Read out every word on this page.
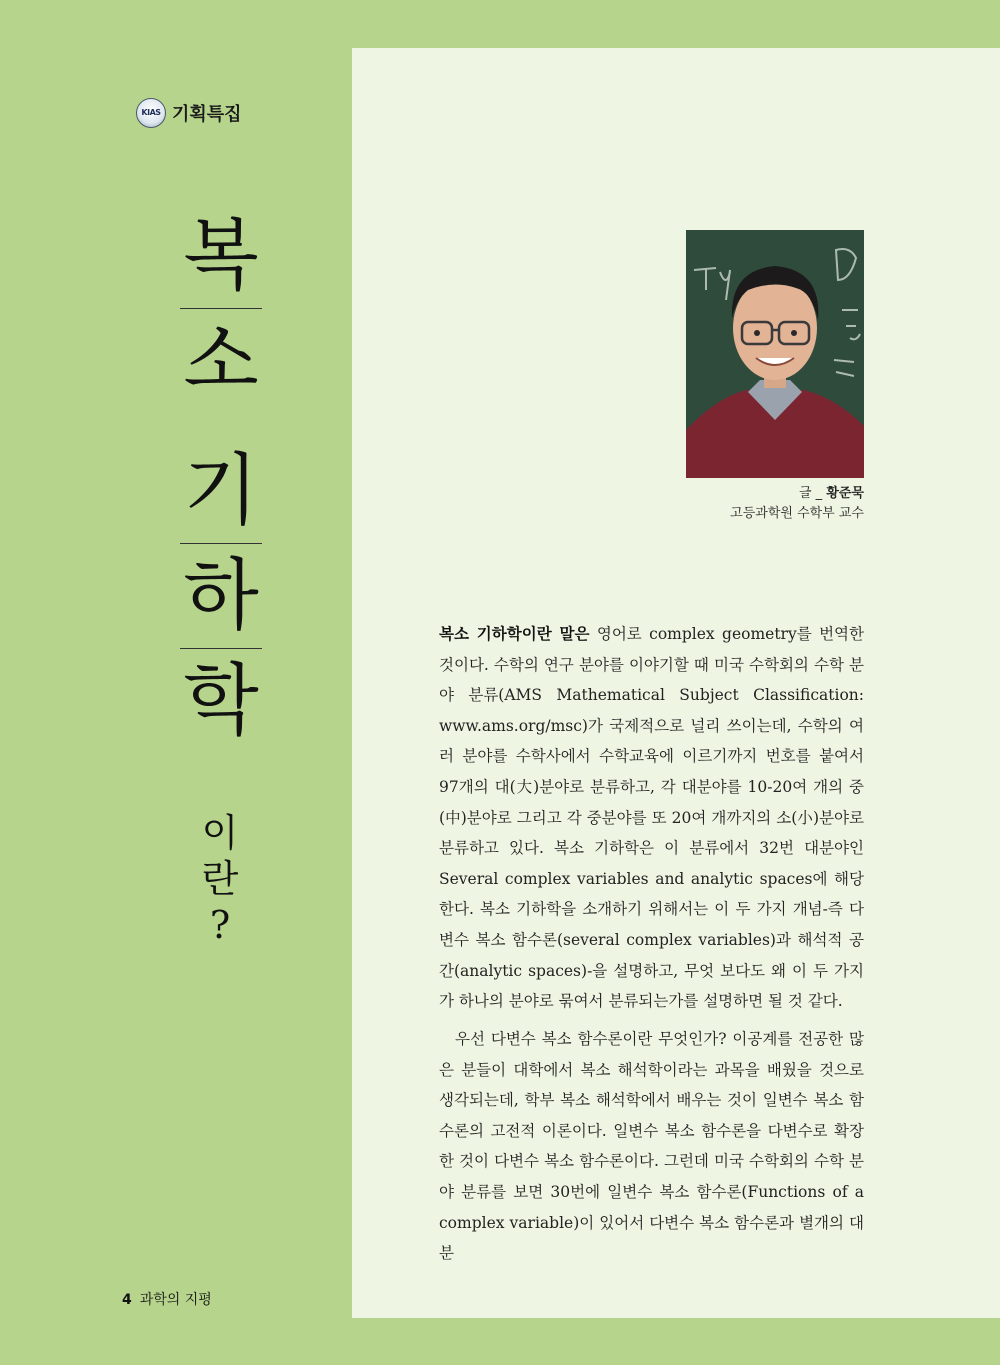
KIAS 기획특집
복
소
기
하
학
이
란
?
글 _ 황준묵
고등과학원 수학부 교수

복소 기하학이란 말은 영어로 complex geometry를 번역한 것이다. 수학의 연구 분야를 이야기할 때 미국 수학회의 수학 분야 분류(AMS Mathematical Subject Classification: www.ams.org/msc)가 국제적으로 널리 쓰이는데, 수학의 여러 분야를 수학사에서 수학교육에 이르기까지 번호를 붙여서 97개의 대(大)분야로 분류하고, 각 대분야를 10-20여 개의 중(中)분야로 그리고 각 중분야를 또 20여 개까지의 소(小)분야로 분류하고 있다. 복소 기하학은 이 분류에서 32번 대분야인 Several complex variables and analytic spaces에 해당한다. 복소 기하학을 소개하기 위해서는 이 두 가지 개념-즉 다변수 복소 함수론(several complex variables)과 해석적 공간(analytic spaces)-을 설명하고, 무엇 보다도 왜 이 두 가지가 하나의 분야로 묶여서 분류되는가를 설명하면 될 것 같다.

우선 다변수 복소 함수론이란 무엇인가? 이공계를 전공한 많은 분들이 대학에서 복소 해석학이라는 과목을 배웠을 것으로 생각되는데, 학부 복소 해석학에서 배우는 것이 일변수 복소 함수론의 고전적 이론이다. 일변수 복소 함수론을 다변수로 확장한 것이 다변수 복소 함수론이다. 그런데 미국 수학회의 수학 분야 분류를 보면 30번에 일변수 복소 함수론(Functions of a complex variable)이 있어서 다변수 복소 함수론과 별개의 대분

4 과학의 지평
